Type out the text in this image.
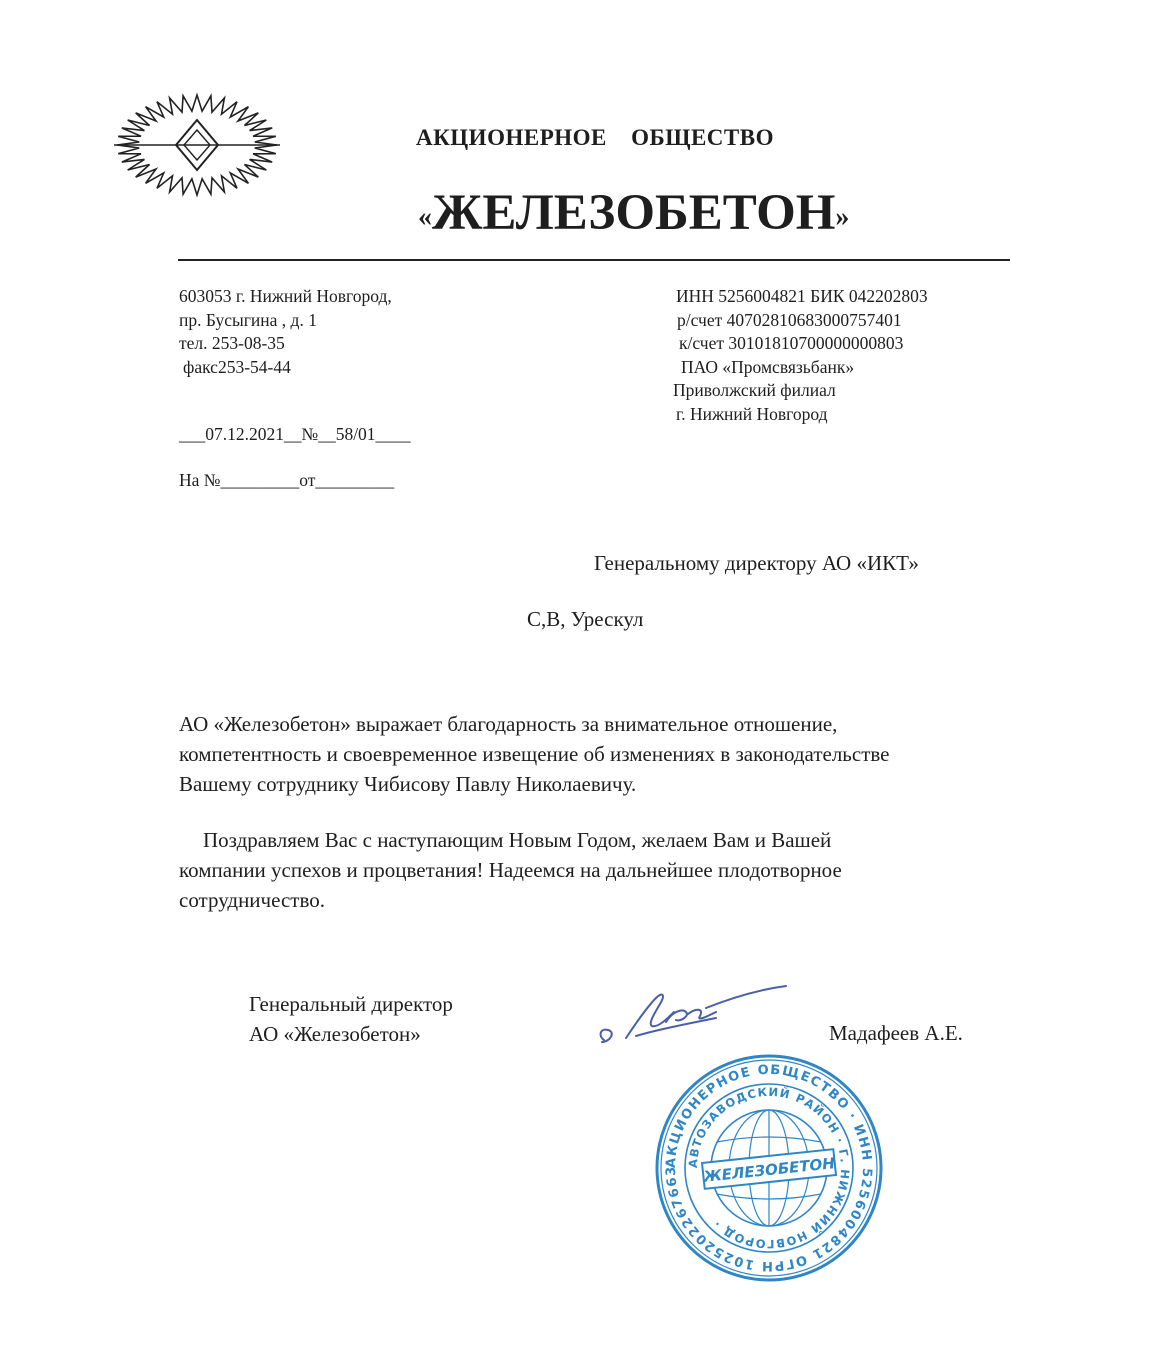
АКЦИОНЕРНОЕ ОБЩЕСТВО
«ЖЕЛЕЗОБЕТОН»
603053 г. Нижний Новгород,
пр. Бусыгина , д. 1
тел. 253-08-35
факс253-54-44
ИНН 5256004821 БИК 042202803
р/счет 40702810683000757401
к/счет 30101810700000000803
ПАО «Промсвязьбанк»
Приволжский филиал
г. Нижний Новгород
___07.12.2021__№__58/01____
На №_________от_________
Генеральному директору АО «ИКТ»
С,В, Урескул
АО «Железобетон» выражает благодарность за внимательное отношение,
компетентность и своевременное извещение об изменениях в законодательстве
Вашему сотруднику Чибисову Павлу Николаевичу.
Поздравляем Вас с наступающим Новым Годом, желаем Вам и Вашей
компании успехов и процветания! Надеемся на дальнейшее плодотворное
сотрудничество.
Генеральный директор
АО «Железобетон»	Мадафеев А.Е.
АКЦИОНЕРНОЕ ОБЩЕСТВО · ИНН 5256004821 ОГРН 1025202267663
АВТОЗАВОДСКИЙ РАЙОН · Г. НИЖНИЙ НОВГОРОД ·
ЖЕЛЕЗОБЕТОН
